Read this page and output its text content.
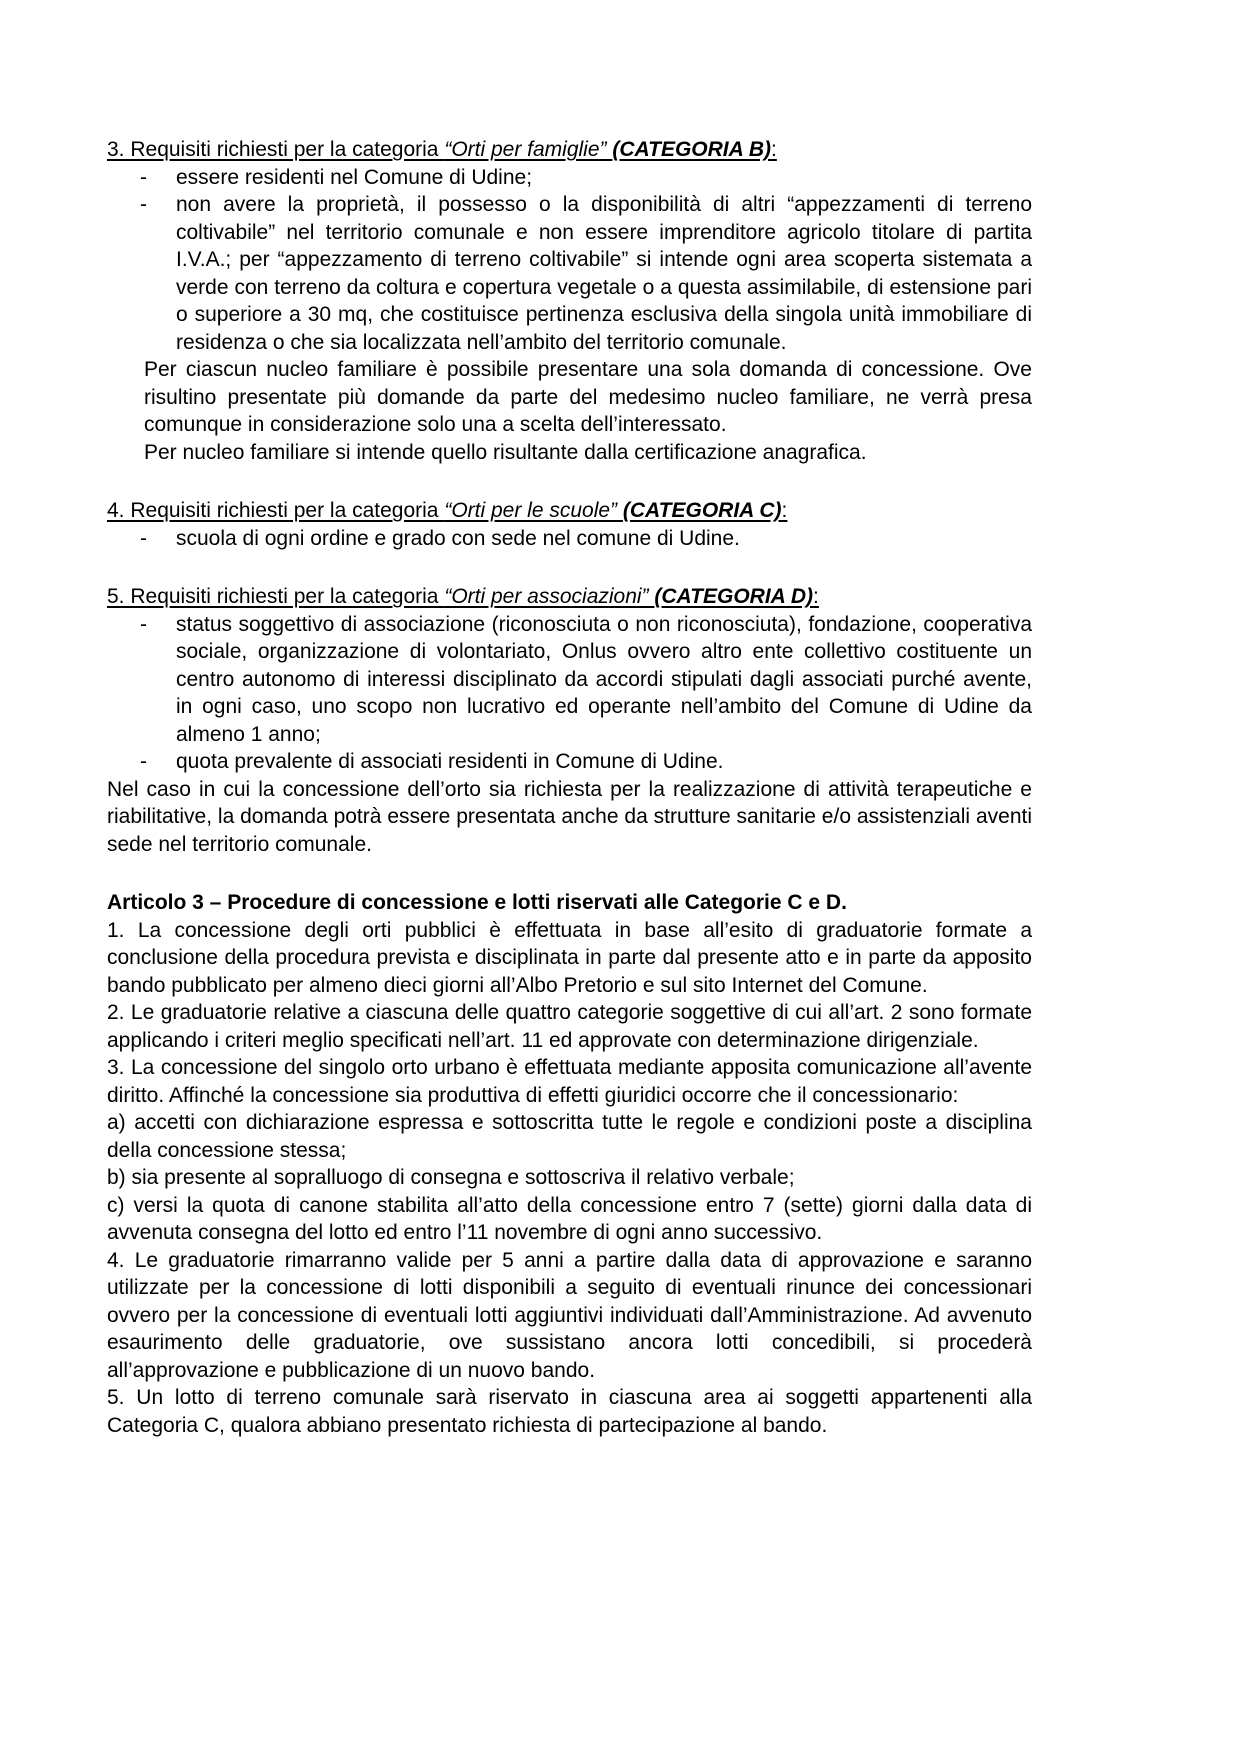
3. Requisiti richiesti per la categoria “Orti per famiglie” (CATEGORIA B):
-	essere residenti nel Comune di Udine;
-	non avere la proprietà, il possesso o la disponibilità di altri “appezzamenti di terreno coltivabile” nel territorio comunale e non essere imprenditore agricolo titolare di partita I.V.A.; per “appezzamento di terreno coltivabile” si intende ogni area scoperta sistemata a verde con terreno da coltura e copertura vegetale o a questa assimilabile, di estensione pari o superiore a 30 mq, che costituisce pertinenza esclusiva della singola unità immobiliare di residenza o che sia localizzata nell’ambito del territorio comunale.
Per ciascun nucleo familiare è possibile presentare una sola domanda di concessione. Ove risultino presentate più domande da parte del medesimo nucleo familiare, ne verrà presa comunque in considerazione solo una a scelta dell’interessato.
Per nucleo familiare si intende quello risultante dalla certificazione anagrafica.
4. Requisiti richiesti per la categoria “Orti per le scuole” (CATEGORIA C):
-	scuola di ogni ordine e grado con sede nel comune di Udine.
5. Requisiti richiesti per la categoria “Orti per associazioni” (CATEGORIA D):
-	status soggettivo di associazione (riconosciuta o non riconosciuta), fondazione, cooperativa sociale, organizzazione di volontariato, Onlus ovvero altro ente collettivo costituente un centro autonomo di interessi disciplinato da accordi stipulati dagli associati purché avente, in ogni caso, uno scopo non lucrativo ed operante nell’ambito del Comune di Udine da almeno 1 anno;
-	quota prevalente di associati residenti in Comune di Udine.
Nel caso in cui la concessione dell’orto sia richiesta per la realizzazione di attività terapeutiche e riabilitative, la domanda potrà essere presentata anche da strutture sanitarie e/o assistenziali aventi sede nel territorio comunale.
Articolo 3 – Procedure di concessione e lotti riservati alle Categorie C e D.
1. La concessione degli orti pubblici è effettuata in base all’esito di graduatorie formate a conclusione della procedura prevista e disciplinata in parte dal presente atto e in parte da apposito bando pubblicato per almeno dieci giorni all’Albo Pretorio e sul sito Internet del Comune.
2. Le graduatorie relative a ciascuna delle quattro categorie soggettive di cui all’art. 2 sono formate applicando i criteri meglio specificati nell’art. 11 ed approvate con determinazione dirigenziale.
3. La concessione del singolo orto urbano è effettuata mediante apposita comunicazione all’avente diritto. Affinché la concessione sia produttiva di effetti giuridici occorre che il concessionario:
a) accetti con dichiarazione espressa e sottoscritta tutte le regole e condizioni poste a disciplina della concessione stessa;
b) sia presente al sopralluogo di consegna e sottoscriva il relativo verbale;
c) versi la quota di canone stabilita all’atto della concessione entro 7 (sette) giorni dalla data di avvenuta consegna del lotto ed entro l’11 novembre di ogni anno successivo.
4. Le graduatorie rimarranno valide per 5 anni a partire dalla data di approvazione e saranno utilizzate per la concessione di lotti disponibili a seguito di eventuali rinunce dei concessionari ovvero per la concessione di eventuali lotti aggiuntivi individuati dall’Amministrazione. Ad avvenuto esaurimento delle graduatorie, ove sussistano ancora lotti concedibili, si procederà all’approvazione e pubblicazione di un nuovo bando.
5. Un lotto di terreno comunale sarà riservato in ciascuna area ai soggetti appartenenti alla Categoria C, qualora abbiano presentato richiesta di partecipazione al bando.
